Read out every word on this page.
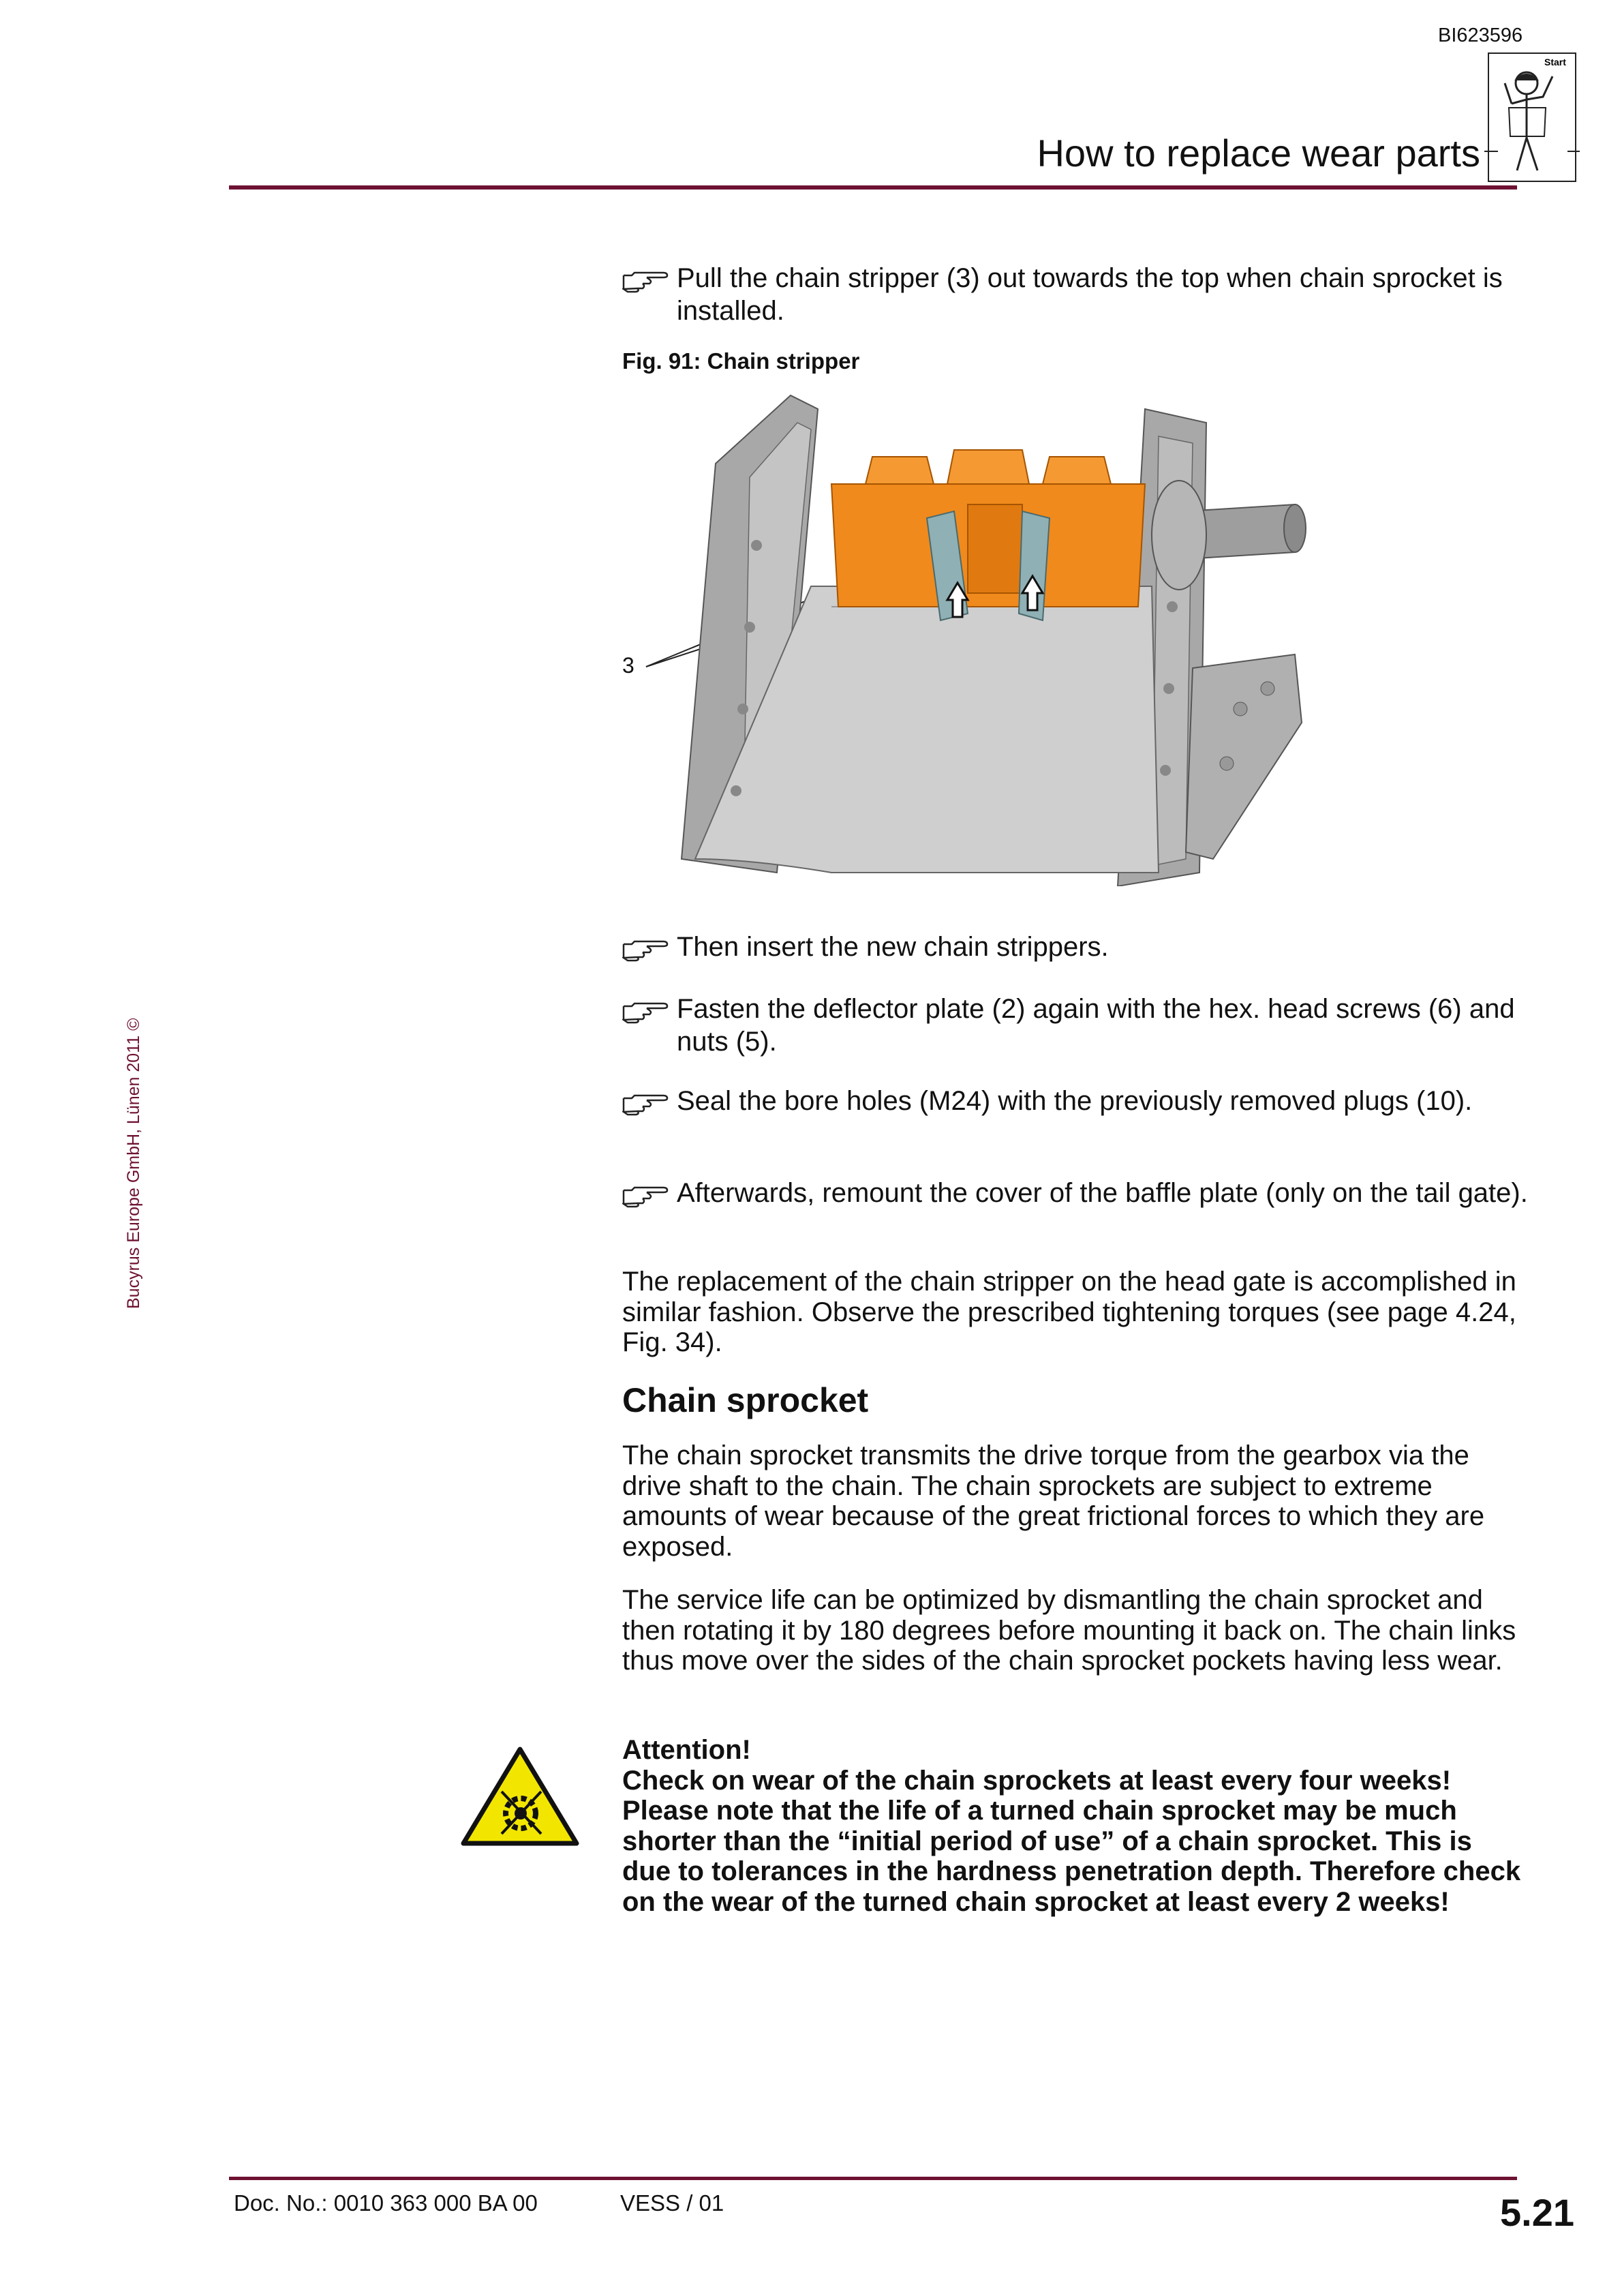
BI623596
How to replace wear parts
Start
Bucyrus Europe GmbH, Lünen 2011 ©
Pull the chain stripper (3) out towards the top when chain sprocket is installed.
Fig. 91: Chain stripper
3
Then insert the new chain strippers.
Fasten the deflector plate (2) again with the hex. head screws (6) and nuts (5).
Seal the bore holes (M24) with the previously removed plugs (10).
Afterwards, remount the cover of the baffle plate (only on the tail gate).
The replacement of the chain stripper on the head gate is accomplished in similar fashion. Observe the prescribed tightening torques (see page 4.24, Fig. 34).
Chain sprocket
The chain sprocket transmits the drive torque from the gearbox via the drive shaft to the chain. The chain sprockets are subject to extreme amounts of wear because of the great frictional forces to which they are exposed.
The service life can be optimized by dismantling the chain sprocket and then rotating it by 180 degrees before mounting it back on. The chain links thus move over the sides of the chain sprocket pockets having less wear.
Attention!
Check on wear of the chain sprockets at least every four weeks!
Please note that the life of a turned chain sprocket may be much shorter than the “initial period of use” of a chain sprocket. This is due to tolerances in the hardness penetration depth. Therefore check on the wear of the turned chain sprocket at least every 2 weeks!
Doc. No.: 0010 363 000 BA 00	VESS / 01	5.21
